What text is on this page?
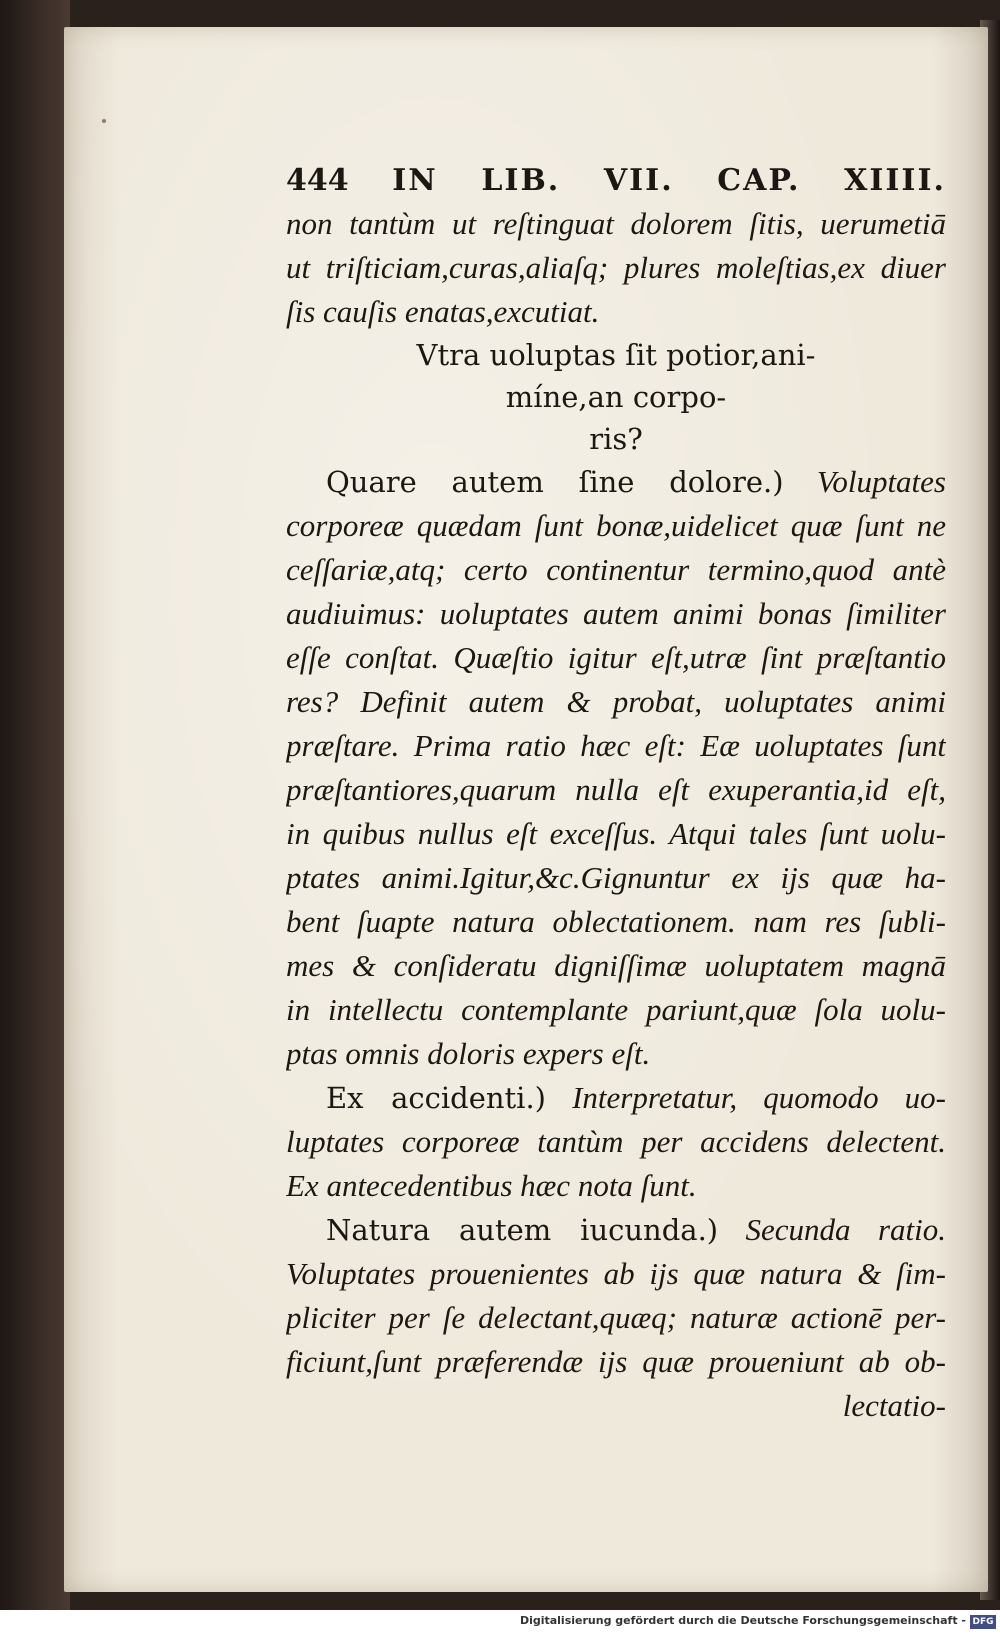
444 IN LIB. VII. CAP. XIIII.
non tantùm ut reſtinguat dolorem ſitis, uerumetiā
ut triſticiam,curas,aliaſq; plures moleſtias,ex diuer
ſis cauſis enatas,excutiat.
Vtra uoluptas ſit potior,ani-
míne,an corpo-
ris?
Quare autem ſine dolore.) Voluptates
corporeæ quædam ſunt bonæ,uidelicet quæ ſunt ne
ceſſariæ,atq; certo continentur termino,quod antè
audiuimus: uoluptates autem animi bonas ſimiliter
eſſe conſtat. Quæſtio igitur eſt,utræ ſint præſtantio
res? Definit autem & probat, uoluptates animi
præſtare. Prima ratio hæc eſt: Eæ uoluptates ſunt
præſtantiores,quarum nulla eſt exuperantia,id eſt,
in quibus nullus eſt exceſſus. Atqui tales ſunt uolu-
ptates animi.Igitur,&c.Gignuntur ex ijs quæ ha-
bent ſuapte natura oblectationem. nam res ſubli-
mes & conſideratu digniſſimæ uoluptatem magnā
in intellectu contemplante pariunt,quæ ſola uolu-
ptas omnis doloris expers eſt.
Ex accidenti.) Interpretatur, quomodo uo-
luptates corporeæ tantùm per accidens delectent.
Ex antecedentibus hæc nota ſunt.
Natura autem iucunda.) Secunda ratio.
Voluptates prouenientes ab ijs quæ natura & ſim-
pliciter per ſe delectant,quæq; naturæ actionē per-
ficiunt,ſunt præferendæ ijs quæ proueniunt ab ob-
lectatio-
Digitalisierung gefördert durch die Deutsche Forschungsgemeinschaft - DFG
